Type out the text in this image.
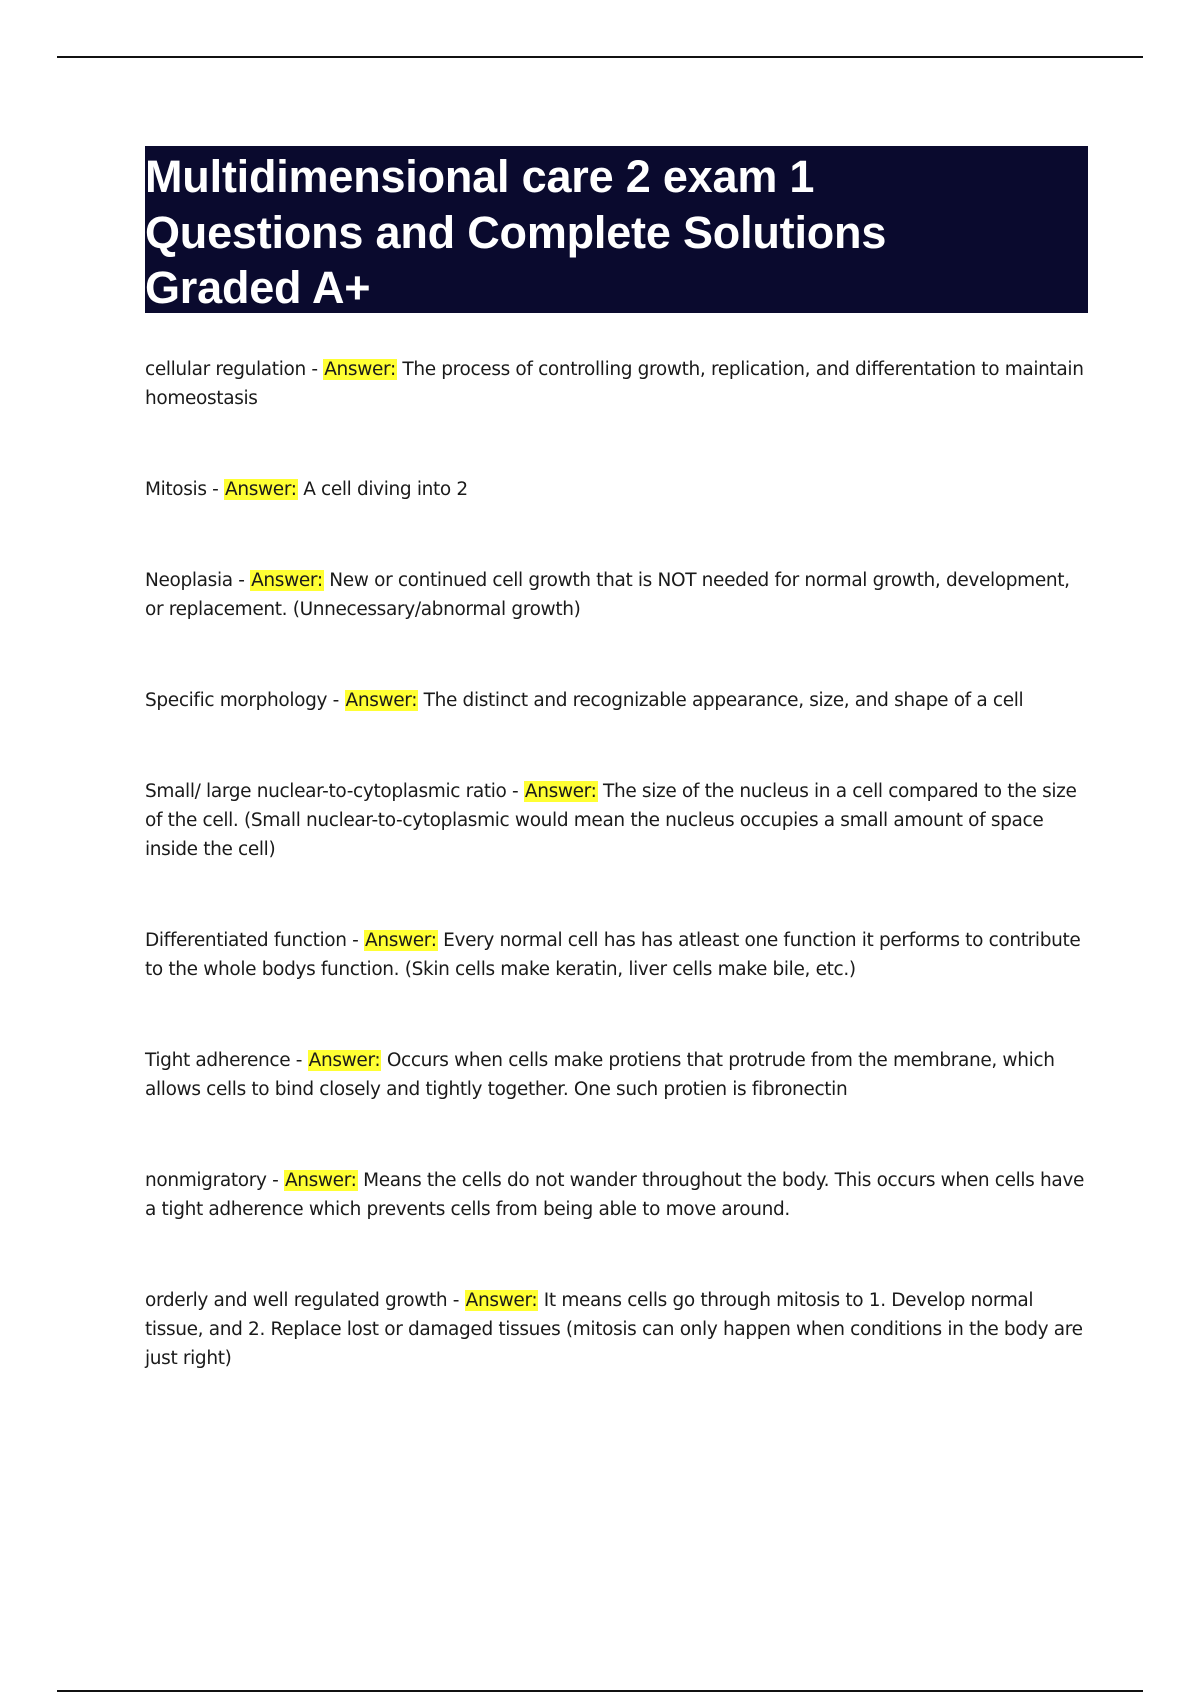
Multidimensional care 2 exam 1
Questions and Complete Solutions
Graded A+
cellular regulation - Answer: The process of controlling growth, replication, and differentation to maintain homeostasis
Mitosis - Answer: A cell diving into 2
Neoplasia - Answer: New or continued cell growth that is NOT needed for normal growth, development, or replacement. (Unnecessary/abnormal growth)
Specific morphology - Answer: The distinct and recognizable appearance, size, and shape of a cell
Small/ large nuclear-to-cytoplasmic ratio - Answer: The size of the nucleus in a cell compared to the size of the cell. (Small nuclear-to-cytoplasmic would mean the nucleus occupies a small amount of space inside the cell)
Differentiated function - Answer: Every normal cell has has atleast one function it performs to contribute to the whole bodys function. (Skin cells make keratin, liver cells make bile, etc.)
Tight adherence - Answer: Occurs when cells make protiens that protrude from the membrane, which allows cells to bind closely and tightly together. One such protien is fibronectin
nonmigratory - Answer: Means the cells do not wander throughout the body. This occurs when cells have a tight adherence which prevents cells from being able to move around.
orderly and well regulated growth - Answer: It means cells go through mitosis to 1. Develop normal tissue, and 2. Replace lost or damaged tissues (mitosis can only happen when conditions in the body are just right)
